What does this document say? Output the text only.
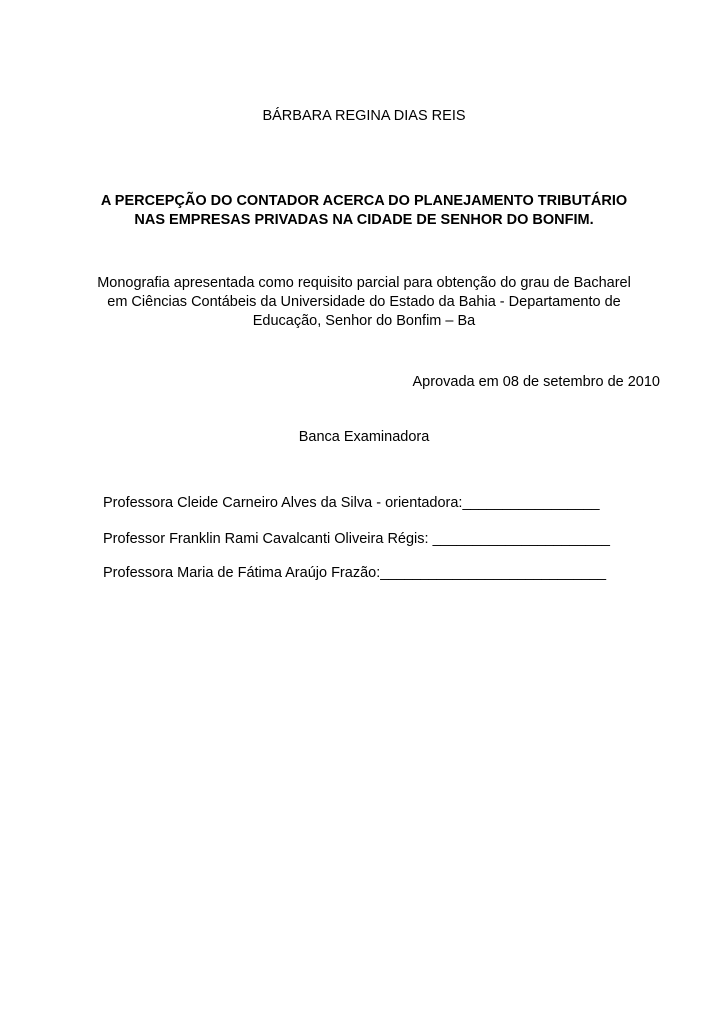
BÁRBARA REGINA DIAS REIS
A PERCEPÇÃO DO CONTADOR ACERCA DO PLANEJAMENTO TRIBUTÁRIO
NAS EMPRESAS PRIVADAS NA CIDADE DE SENHOR DO BONFIM.
Monografia apresentada como requisito parcial para obtenção do grau de Bacharel
em Ciências Contábeis da Universidade do Estado da Bahia - Departamento de
Educação, Senhor do Bonfim – Ba
Aprovada em 08 de setembro de 2010
Banca Examinadora
Professora Cleide Carneiro Alves da Silva - orientadora:_________________
Professor Franklin Rami Cavalcanti Oliveira Régis: ______________________
Professora Maria de Fátima Araújo Frazão:____________________________
